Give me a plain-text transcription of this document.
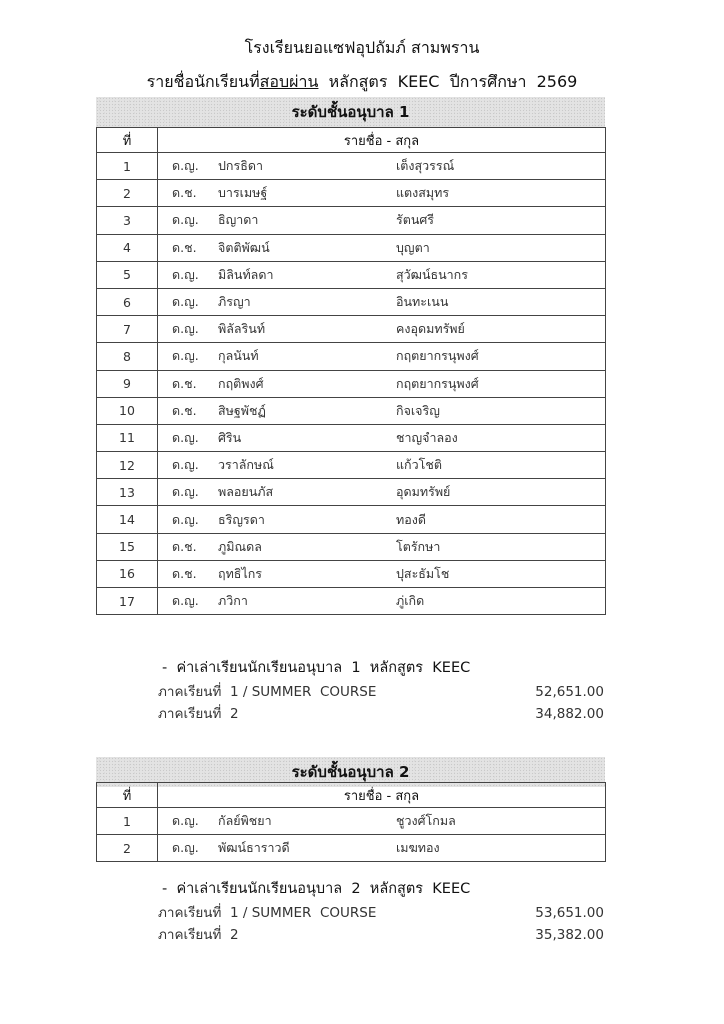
โรงเรียนยอแซฟอุปถัมภ์ สามพราน
รายชื่อนักเรียนที่สอบผ่าน  หลักสูตร  KEEC  ปีการศึกษา  2569
ระดับชั้นอนุบาล 1
ที่	รายชื่อ - สกุล
1	ด.ญ. ปกรธิดา เต็งสุวรรณ์

2	ด.ช. บารเมษฐ์ แตงสมุทร

3	ด.ญ. ธิญาดา รัตนศรี

4	ด.ช. จิตติพัฒน์ บุญตา

5	ด.ญ. มิลินท์ลดา สุวัฒน์ธนากร

6	ด.ญ. ภิรญา อินทะเนน

7	ด.ญ. พิลัลรินท์ คงอุดมทรัพย์

8	ด.ญ. กุลนันท์ กฤตยากรนุพงศ์

9	ด.ช. กฤติพงศ์ กฤตยากรนุพงศ์

10	ด.ช. สิษฐพัชฏ์ กิจเจริญ

11	ด.ญ. ศิริน ชาญจำลอง

12	ด.ญ. วราลักษณ์ แก้วโชติ

13	ด.ญ. พลอยนภัส อุดมทรัพย์

14	ด.ญ. ธริญรดา ทองดี

15	ด.ช. ภูมิณดล โตรักษา

16	ด.ช. ฤทธิไกร ปุสะธัมโช

17	ด.ญ. ภวิกา ภู่เกิด
-  ค่าเล่าเรียนนักเรียนอนุบาล  1  หลักสูตร  KEEC
ภาคเรียนที่  1 / SUMMER  COURSE	52,651.00
ภาคเรียนที่  2	34,882.00
ระดับชั้นอนุบาล 2
ที่	รายชื่อ - สกุล
1	ด.ญ. กัลย์พิชยา ชูวงศ์โกมล

2	ด.ญ. พัฒน์ธาราวดี เมฆทอง
-  ค่าเล่าเรียนนักเรียนอนุบาล  2  หลักสูตร  KEEC
ภาคเรียนที่  1 / SUMMER  COURSE	53,651.00
ภาคเรียนที่  2	35,382.00
